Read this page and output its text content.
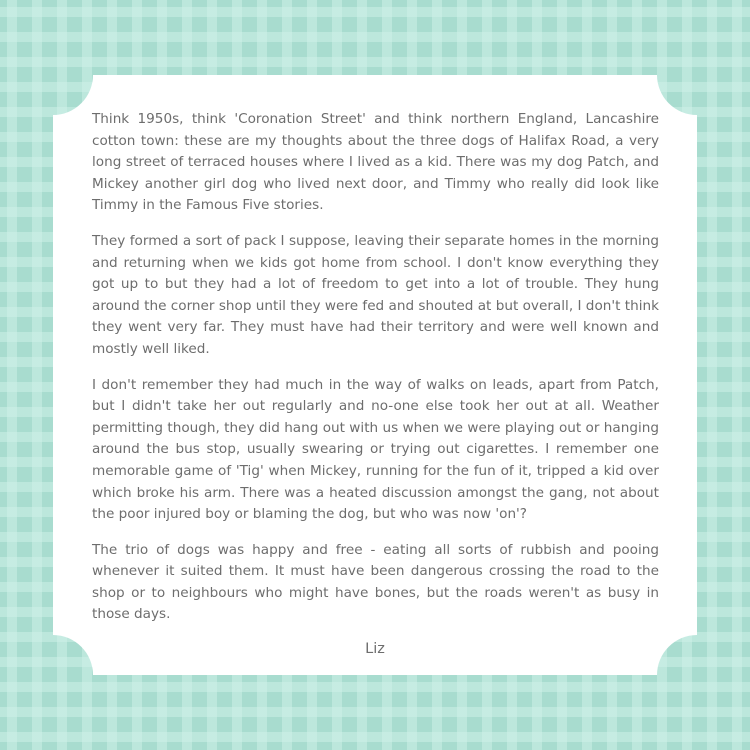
Think 1950s, think 'Coronation Street' and think northern England, Lancashire cotton town: these are my thoughts about the three dogs of Halifax Road, a very long street of terraced houses where I lived as a kid. There was my dog Patch, and Mickey another girl dog who lived next door, and Timmy who really did look like Timmy in the Famous Five stories.

They formed a sort of pack I suppose, leaving their separate homes in the morning and returning when we kids got home from school. I don't know everything they got up to but they had a lot of freedom to get into a lot of trouble. They hung around the corner shop until they were fed and shouted at but overall, I don't think they went very far. They must have had their territory and were well known and mostly well liked.

I don't remember they had much in the way of walks on leads, apart from Patch, but I didn't take her out regularly and no-one else took her out at all. Weather permitting though, they did hang out with us when we were playing out or hanging around the bus stop, usually swearing or trying out cigarettes. I remember one memorable game of 'Tig' when Mickey, running for the fun of it, tripped a kid over which broke his arm. There was a heated discussion amongst the gang, not about the poor injured boy or blaming the dog, but who was now 'on'?

The trio of dogs was happy and free - eating all sorts of rubbish and pooing whenever it suited them. It must have been dangerous crossing the road to the shop or to neighbours who might have bones, but the roads weren't as busy in those days.

Liz
